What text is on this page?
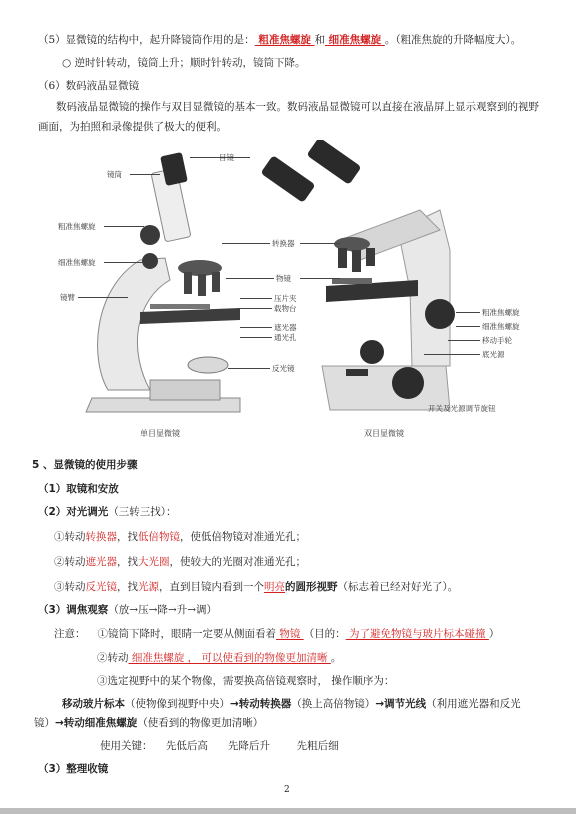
（5）显微镜的结构中，起升降镜筒作用的是： 粗准焦螺旋 和 细准焦螺旋 。（粗准焦旋的升降幅度大）。
○ 逆时针转动，镜筒上升；顺时针转动，镜筒下降。
（6）数码液晶显微镜
数码液晶显微镜的操作与双目显微镜的基本一致。数码液晶显微镜可以直接在液晶屏上显示观察到的视野
画面，为拍照和录像提供了极大的便利。
镜筒
粗准焦螺旋
细准焦螺旋
镜臂
目镜
转换器
物镜
压片夹
载物台
遮光器
通光孔
反光镜
粗准焦螺旋
细准焦螺旋
移动手轮
底光源
开关及光源调节旋钮
单目显微镜	双目显微镜
5 、显微镜的使用步骤
（1）取镜和安放
（2）对光调光（三转三找）：
①转动转换器，找低倍物镜，使低倍物镜对准通光孔；
②转动遮光器，找大光圈，使较大的光圈对准通光孔；
③转动反光镜，找光源，直到目镜内看到一个明亮的圆形视野（标志着已经对好光了）。
（3）调焦观察（放→压→降→升→调）
注意： ①镜筒下降时，眼睛一定要从侧面看着 物镜 （目的： 为了避免物镜与玻片标本碰撞 ）
②转动 细准焦螺旋 ， 可以使看到的物像更加清晰 。
③选定视野中的某个物像，需要换高倍镜观察时， 操作顺序为：
移动玻片标本（使物像到视野中央）→转动转换器（换上高倍物镜）→调节光线（利用遮光器和反光
镜）→转动细准焦螺旋（使看到的物像更加清晰）
使用关键：    先低后高      先降后升        先粗后细
（3）整理收镜
2
